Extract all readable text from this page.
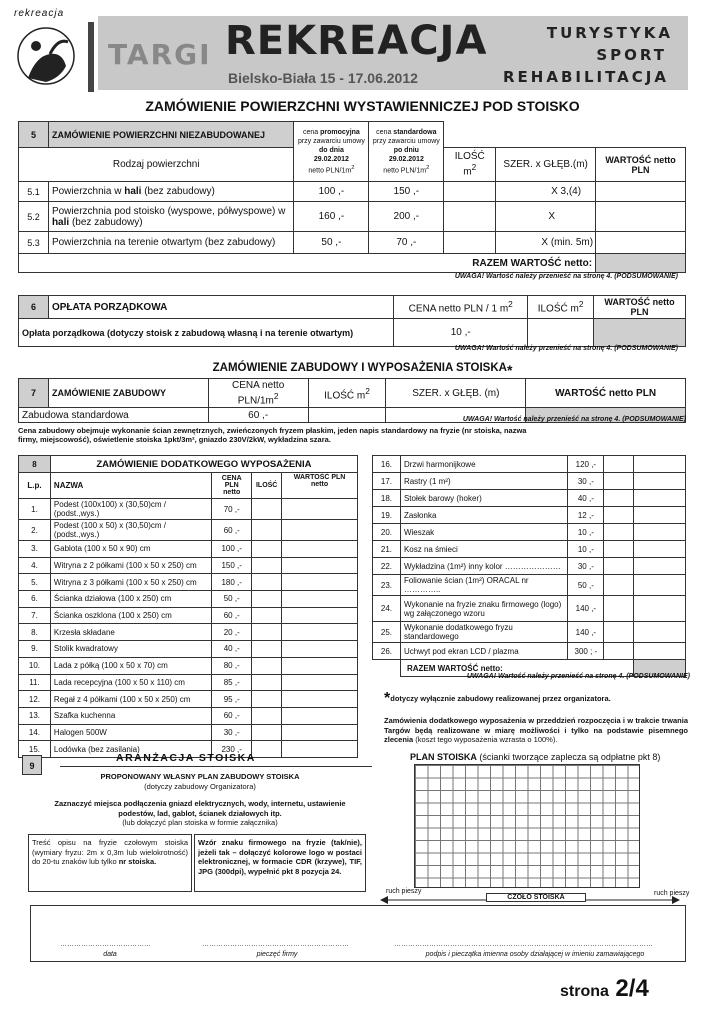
rekreacja
TARGI REKREACJA
Bielsko-Biała 15 - 17.06.2012
TURYSTYKA
SPORT
REHABILITACJA
ZAMÓWIENIE POWIERZCHNI WYSTAWIENNICZEJ POD STOISKO
5	ZAMÓWIENIE POWIERZCHNI NIEZABUDOWANEJ	cena promocyjna
przy zawarciu umowy
do dnia
29.02.2012
netto PLN/$1m^2$	cena standardowa
przy zawarciu umowy
po dniu
29.02.2012
netto PLN/$1m^2$			
Rodzaj powierzchni				ILOŚĆ $m^2$	SZER. x GŁĘB.(m)	WARTOŚĆ netto PLN
5.1	Powierzchnia w hali (bez zabudowy)	100 ,-	150 ,-		X 3,(4)	
5.2	Powierzchnia pod stoisko (wyspowe, półwyspowe) w hali (bez zabudowy)	160 ,-	200 ,-		X	
5.3	Powierzchnia na terenie otwartym (bez zabudowy)	50 ,-	70 ,-		X (min. 5m)	
RAZEM WARTOŚĆ netto:						
UWAGA! Wartość należy przenieść na stronę 4. (PODSUMOWANIE)
6	OPŁATA PORZĄDKOWA	CENA netto PLN / 1 $m^2$	ILOŚĆ $m^2$	WARTOŚĆ netto PLN
Opłata porządkowa (dotyczy stoisk z zabudową własną i na terenie otwartym)		10 ,-		
UWAGA! Wartość należy przenieść na stronę 4. (PODSUMOWANIE)
ZAMÓWIENIE ZABUDOWY I WYPOSAŻENIA STOISKA*
7	ZAMÓWIENIE ZABUDOWY	CENA netto PLN/$1m^2$	ILOŚĆ $m^2$	SZER. x GŁĘB. (m)	WARTOŚĆ netto PLN
Zabudowa standardowa		60 ,-				UWAGA! Wartość należy przenieść na stronę 4. (PODSUMOWANIE)
Cena zabudowy obejmuje wykonanie ścian zewnętrznych, zwieńczonych fryzem płaskim, jeden napis standardowy na fryzie (nr stoiska, nazwa firmy, miejscowość), oświetlenie stoiska 1pkt/3m², gniazdo 230V/2kW, wykładzina szara.
8	ZAMÓWIENIE DODATKOWEGO WYPOSAŻENIA			
L.p.	NAZWA	CENA PLN netto	ILOŚĆ	WARTOŚĆ PLN netto
1.	Podest (100x100) x (30,50)cm / (podst.,wys.)	70 ,-		
2.	Podest (100 x 50) x (30,50)cm / (podst.,wys.)	60 ,-		
3.	Gablota (100 x 50 x 90) cm	100 ,-		
4.	Witryna z 2 półkami (100 x 50 x 250) cm	150 ,-		
5.	Witryna z 3 półkami (100 x 50 x 250) cm	180 ,-		
6.	Ścianka działowa (100 x 250) cm	50 ,-		
7.	Ścianka oszklona (100 x 250) cm	60 ,-		
8.	Krzesła składane	20 ,-		
9.	Stolik kwadratowy	40 ,-		
10.	Lada z półką (100 x 50 x 70) cm	80 ,-		
11.	Lada recepcyjna (100 x 50 x 110) cm	85 ,-		
12.	Regał z 4 półkami (100 x 50 x 250) cm	95 ,-		
13.	Szafka kuchenna	60 ,-		
14.	Halogen 500W	30 ,-		
15.	Lodówka (bez zasilania)	230 ,-		
16.	Drzwi harmonijkowe	120 ,-		
17.	Rastry (1 m²)	30 ,-		
18.	Stołek barowy (hoker)	40 ,-		
19.	Zasłonka	12 ,-		
20.	Wieszak	10 ,-		
21.	Kosz na śmieci	10 ,-		
22.	Wykładzina (1m²) inny kolor …………………	30 ,-		
23.	Foliowanie ścian (1m²) ORACAL nr …………..	50 ,-		
24.	Wykonanie na fryzie znaku firmowego (logo) wg załączonego wzoru	140 ,-		
25.	Wykonanie dodatkowego fryzu standardowego	140 ,-		
26.	Uchwyt pod ekran LCD / plazma	300 ; -		
	RAZEM WARTOŚĆ netto:			
UWAGA! Wartość należy przenieść na stronę 4. (PODSUMOWANIE)
*dotyczy wyłącznie zabudowy realizowanej przez organizatora.
Zamówienia dodatkowego wyposażenia w przeddzień rozpoczęcia i w trakcie trwania Targów będą realizowane w miarę możliwości i tylko na podstawie pisemnego zlecenia (koszt tego wyposażenia wzrasta o 100%).
9
ARANŻACJA STOISKA
PROPONOWANY WŁASNY PLAN ZABUDOWY STOISKA
(dotyczy zabudowy Organizatora)
Zaznaczyć miejsca podłączenia gniazd elektrycznych, wody, internetu, ustawienie podestów, lad, gablot, ścianek działowych itp.
(lub dołączyć plan stoiska w formie załącznika)
Treść opisu na fryzie czołowym stoiska (wymiary fryzu: 2m x 0,3m lub wielokrotność) do 20-tu znaków lub tylko nr stoiska.
Wzór znaku firmowego na fryzie (tak/nie), jeżeli tak – dołączyć kolorowe logo w postaci elektronicznej, w formacie CDR (krzywe), TIF, JPG (300dpi), wypełnić pkt 8 pozycja 24.
PLAN STOISKA (ścianki tworzące zaplecza są odpłatne pkt 8)
ruch pieszy	ruch pieszy
CZOŁO STOISKA
…………………………………	………………………………………………………	…………………………………………………………………………………………………
data	pieczęć firmy	podpis i pieczątka imienna osoby działającej w imieniu zamawiającego
strona 2/4
